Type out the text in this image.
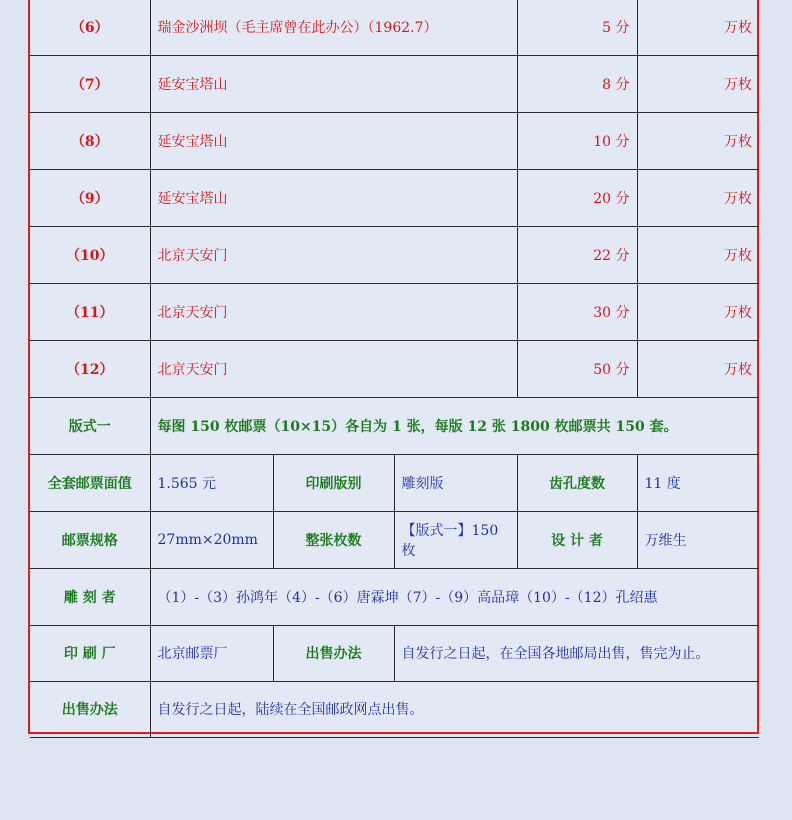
（6）	瑞金沙洲坝（毛主席曾在此办公）（1962.7）			5 分	万枚
（7）	延安宝塔山			8 分	万枚
（8）	延安宝塔山			10 分	万枚
（9）	延安宝塔山			20 分	万枚
（10）	北京天安门			22 分	万枚
（11）	北京天安门			30 分	万枚
（12）	北京天安门			50 分	万枚
版式一	每图 150 枚邮票（10×15）各自为 1 张，每版 12 张 1800 枚邮票共 150 套。				
全套邮票面值	1.565 元	印刷版别	雕刻版	齿孔度数	11 度
邮票规格	27mm×20mm	整张枚数	【版式一】150 枚	设 计 者	万维生
雕 刻 者	（1）-（3）孙鸿年（4）-（6）唐霖坤（7）-（9）高品璋（10）-（12）孔绍惠				
印 刷 厂	北京邮票厂	出售办法	自发行之日起，在全国各地邮局出售，售完为止。		
出售办法	自发行之日起，陆续在全国邮政网点出售。				
